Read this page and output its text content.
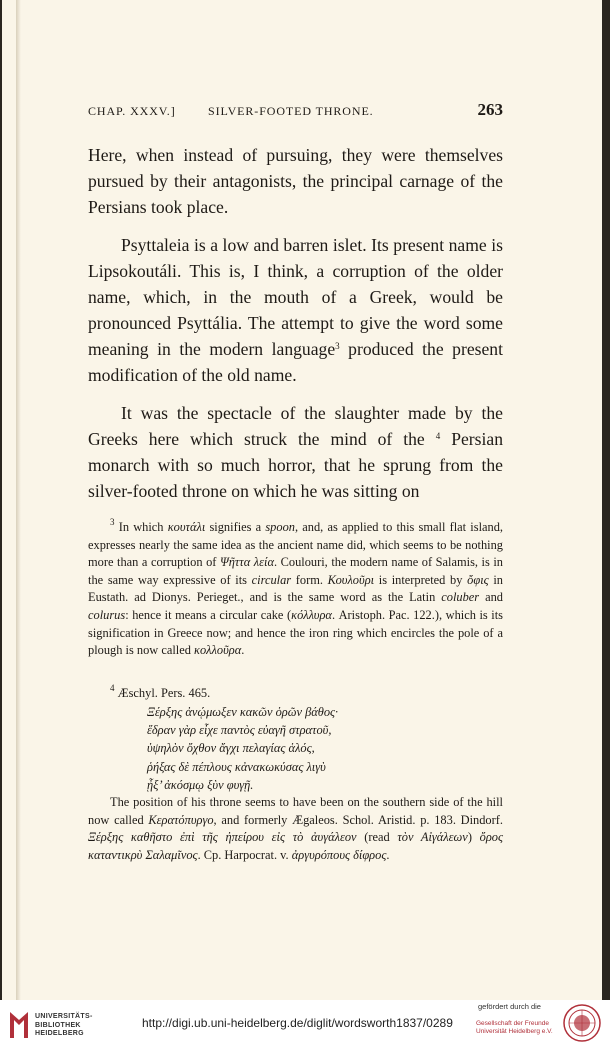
CHAP. XXXV.]	SILVER-FOOTED THRONE.	263

Here, when instead of pursuing, they were themselves pursued by their antagonists, the principal carnage of the Persians took place.

Psyttaleia is a low and barren islet. Its present name is Lipsokoutáli. This is, I think, a corruption of the older name, which, in the mouth of a Greek, would be pronounced Psyttália. The attempt to give the word some meaning in the modern language$^3$ produced the present modification of the old name.

It was the spectacle of the slaughter made by the Greeks here which struck the mind of the $^4$ Persian monarch with so much horror, that he sprung from the silver-footed throne on which he was sitting on

$^3$ In which κουτάλι signifies a spoon, and, as applied to this small flat island, expresses nearly the same idea as the ancient name did, which seems to be nothing more than a corruption of Ψῆττα λεία. Coulouri, the modern name of Salamis, is in the same way expressive of its circular form. Κουλοῦρι is interpreted by ὄφις in Eustath. ad Dionys. Perieget., and is the same word as the Latin coluber and colurus: hence it means a circular cake (κόλλυρα. Aristoph. Pac. 122.), which is its signification in Greece now; and hence the iron ring which encircles the pole of a plough is now called κολλοῦρα.

$^4$ Æschyl. Pers. 465.

Ξέρξης ἀνῴμωξεν κακῶν ὁρῶν βάθος·
ἕδραν γὰρ εἶχε παντὸς εὐαγῆ στρατοῦ,
ὑψηλὸν ὄχθον ἄγχι πελαγίας ἁλός,
ῥήξας δὲ πέπλους κἀνακωκύσας λιγὺ
ᾖξ’ ἀκόσμῳ ξὺν φυγῇ.

The position of his throne seems to have been on the southern side of the hill now called Κερατόπυργο, and formerly Ægaleos. Schol. Aristid. p. 183. Dindorf. Ξέρξης καθῆστο ἐπὶ τῆς ἠπείρου εἰς τὸ ἀυγάλεον (read τὸν Αἰγάλεων) ὄρος καταντικρὺ Σαλαμῖνος. Cp. Harpocrat. v. ἀργυρόπους δίφρος.

UNIVERSITÄTS-
BIBLIOTHEK
HEIDELBERG
http://digi.ub.uni-heidelberg.de/diglit/wordsworth1837/0289
gefördert durch die
Gesellschaft der Freunde
Universität Heidelberg e.V.
